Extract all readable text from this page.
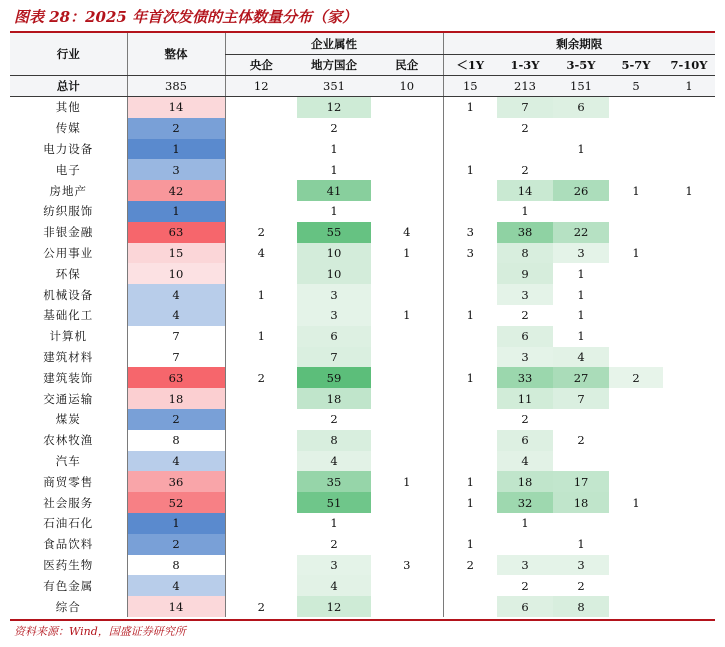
图表 28：2025 年首次发债的主体数量分布（家）
行业	整体	企业属性			剩余期限				
		央企	地方国企	民企	＜1Y	1-3Y	3-5Y	5-7Y	7-10Y
总计	385	12	351	10	15	213	151	5	1
其他	14		12		1	7	6		
传媒	2		2			2			
电力设备	1		1				1		
电子	3		1		1	2			
房地产	42		41			14	26	1	1
纺织服饰	1		1			1			
非银金融	63	2	55	4	3	38	22		
公用事业	15	4	10	1	3	8	3	1	
环保	10		10			9	1		
机械设备	4	1	3			3	1		
基础化工	4		3	1	1	2	1		
计算机	7	1	6			6	1		
建筑材料	7		7			3	4		
建筑装饰	63	2	59		1	33	27	2	
交通运输	18		18			11	7		
煤炭	2		2			2			
农林牧渔	8		8			6	2		
汽车	4		4			4			
商贸零售	36		35	1	1	18	17		
社会服务	52		51		1	32	18	1	
石油石化	1		1			1			
食品饮料	2		2		1		1		
医药生物	8		3	3	2	3	3		
有色金属	4		4			2	2		
综合	14	2	12			6	8		
资料来源：Wind，国盛证券研究所
